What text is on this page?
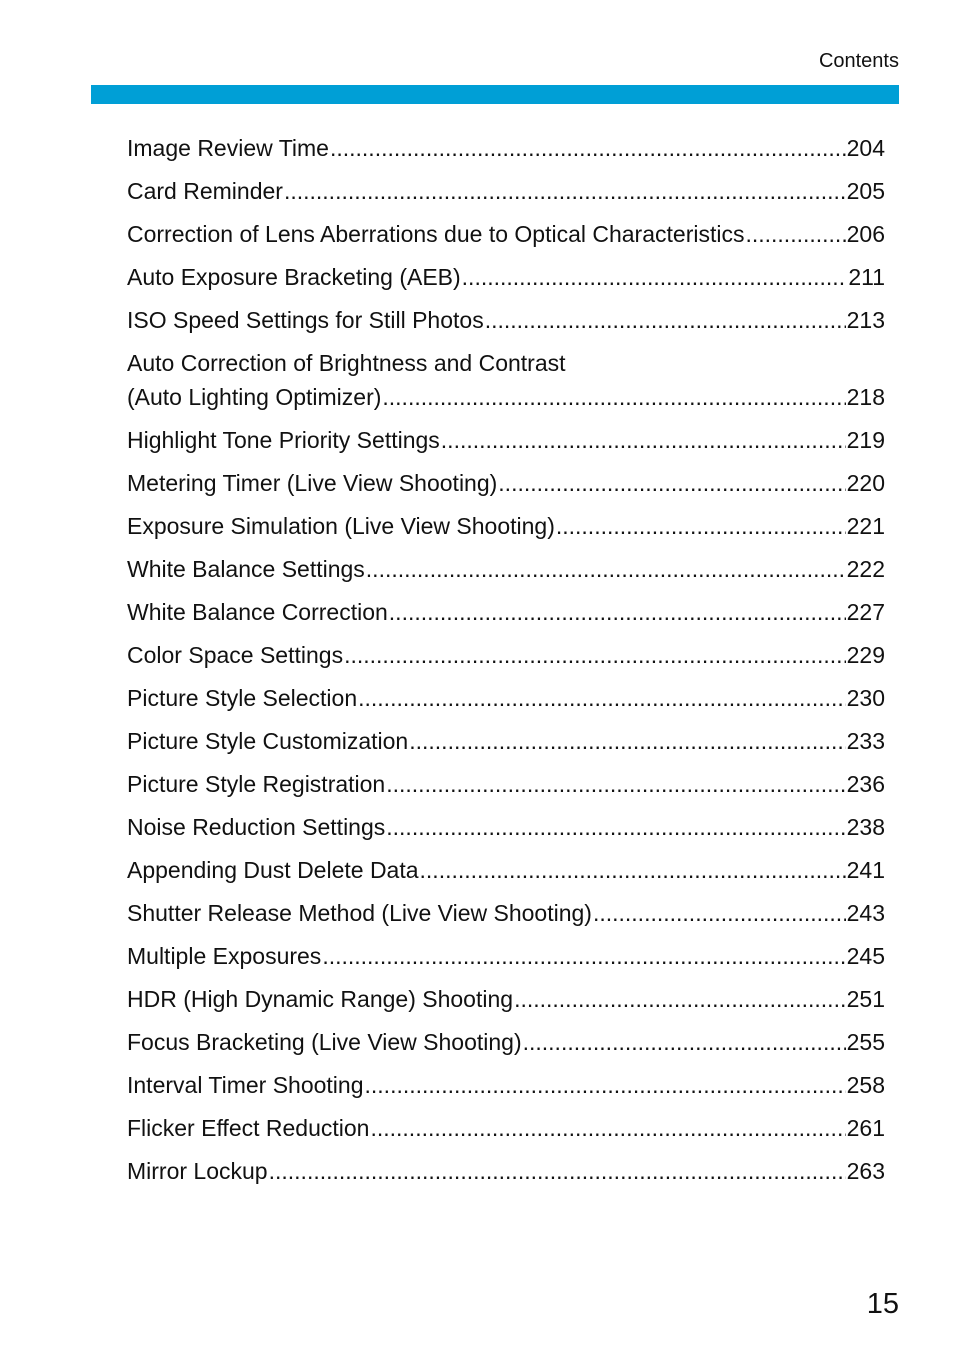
Contents
Image Review Time .....	204
Card Reminder .....	205
Correction of Lens Aberrations due to Optical Characteristics .....	206
Auto Exposure Bracketing (AEB) .....	211
ISO Speed Settings for Still Photos .....	213
Auto Correction of Brightness and Contrast
(Auto Lighting Optimizer) .....	218
Highlight Tone Priority Settings .....	219
Metering Timer (Live View Shooting) .....	220
Exposure Simulation (Live View Shooting) .....	221
White Balance Settings .....	222
White Balance Correction .....	227
Color Space Settings .....	229
Picture Style Selection .....	230
Picture Style Customization .....	233
Picture Style Registration .....	236
Noise Reduction Settings .....	238
Appending Dust Delete Data .....	241
Shutter Release Method (Live View Shooting) .....	243
Multiple Exposures .....	245
HDR (High Dynamic Range) Shooting .....	251
Focus Bracketing (Live View Shooting) .....	255
Interval Timer Shooting .....	258
Flicker Effect Reduction .....	261
Mirror Lockup .....	263
15
